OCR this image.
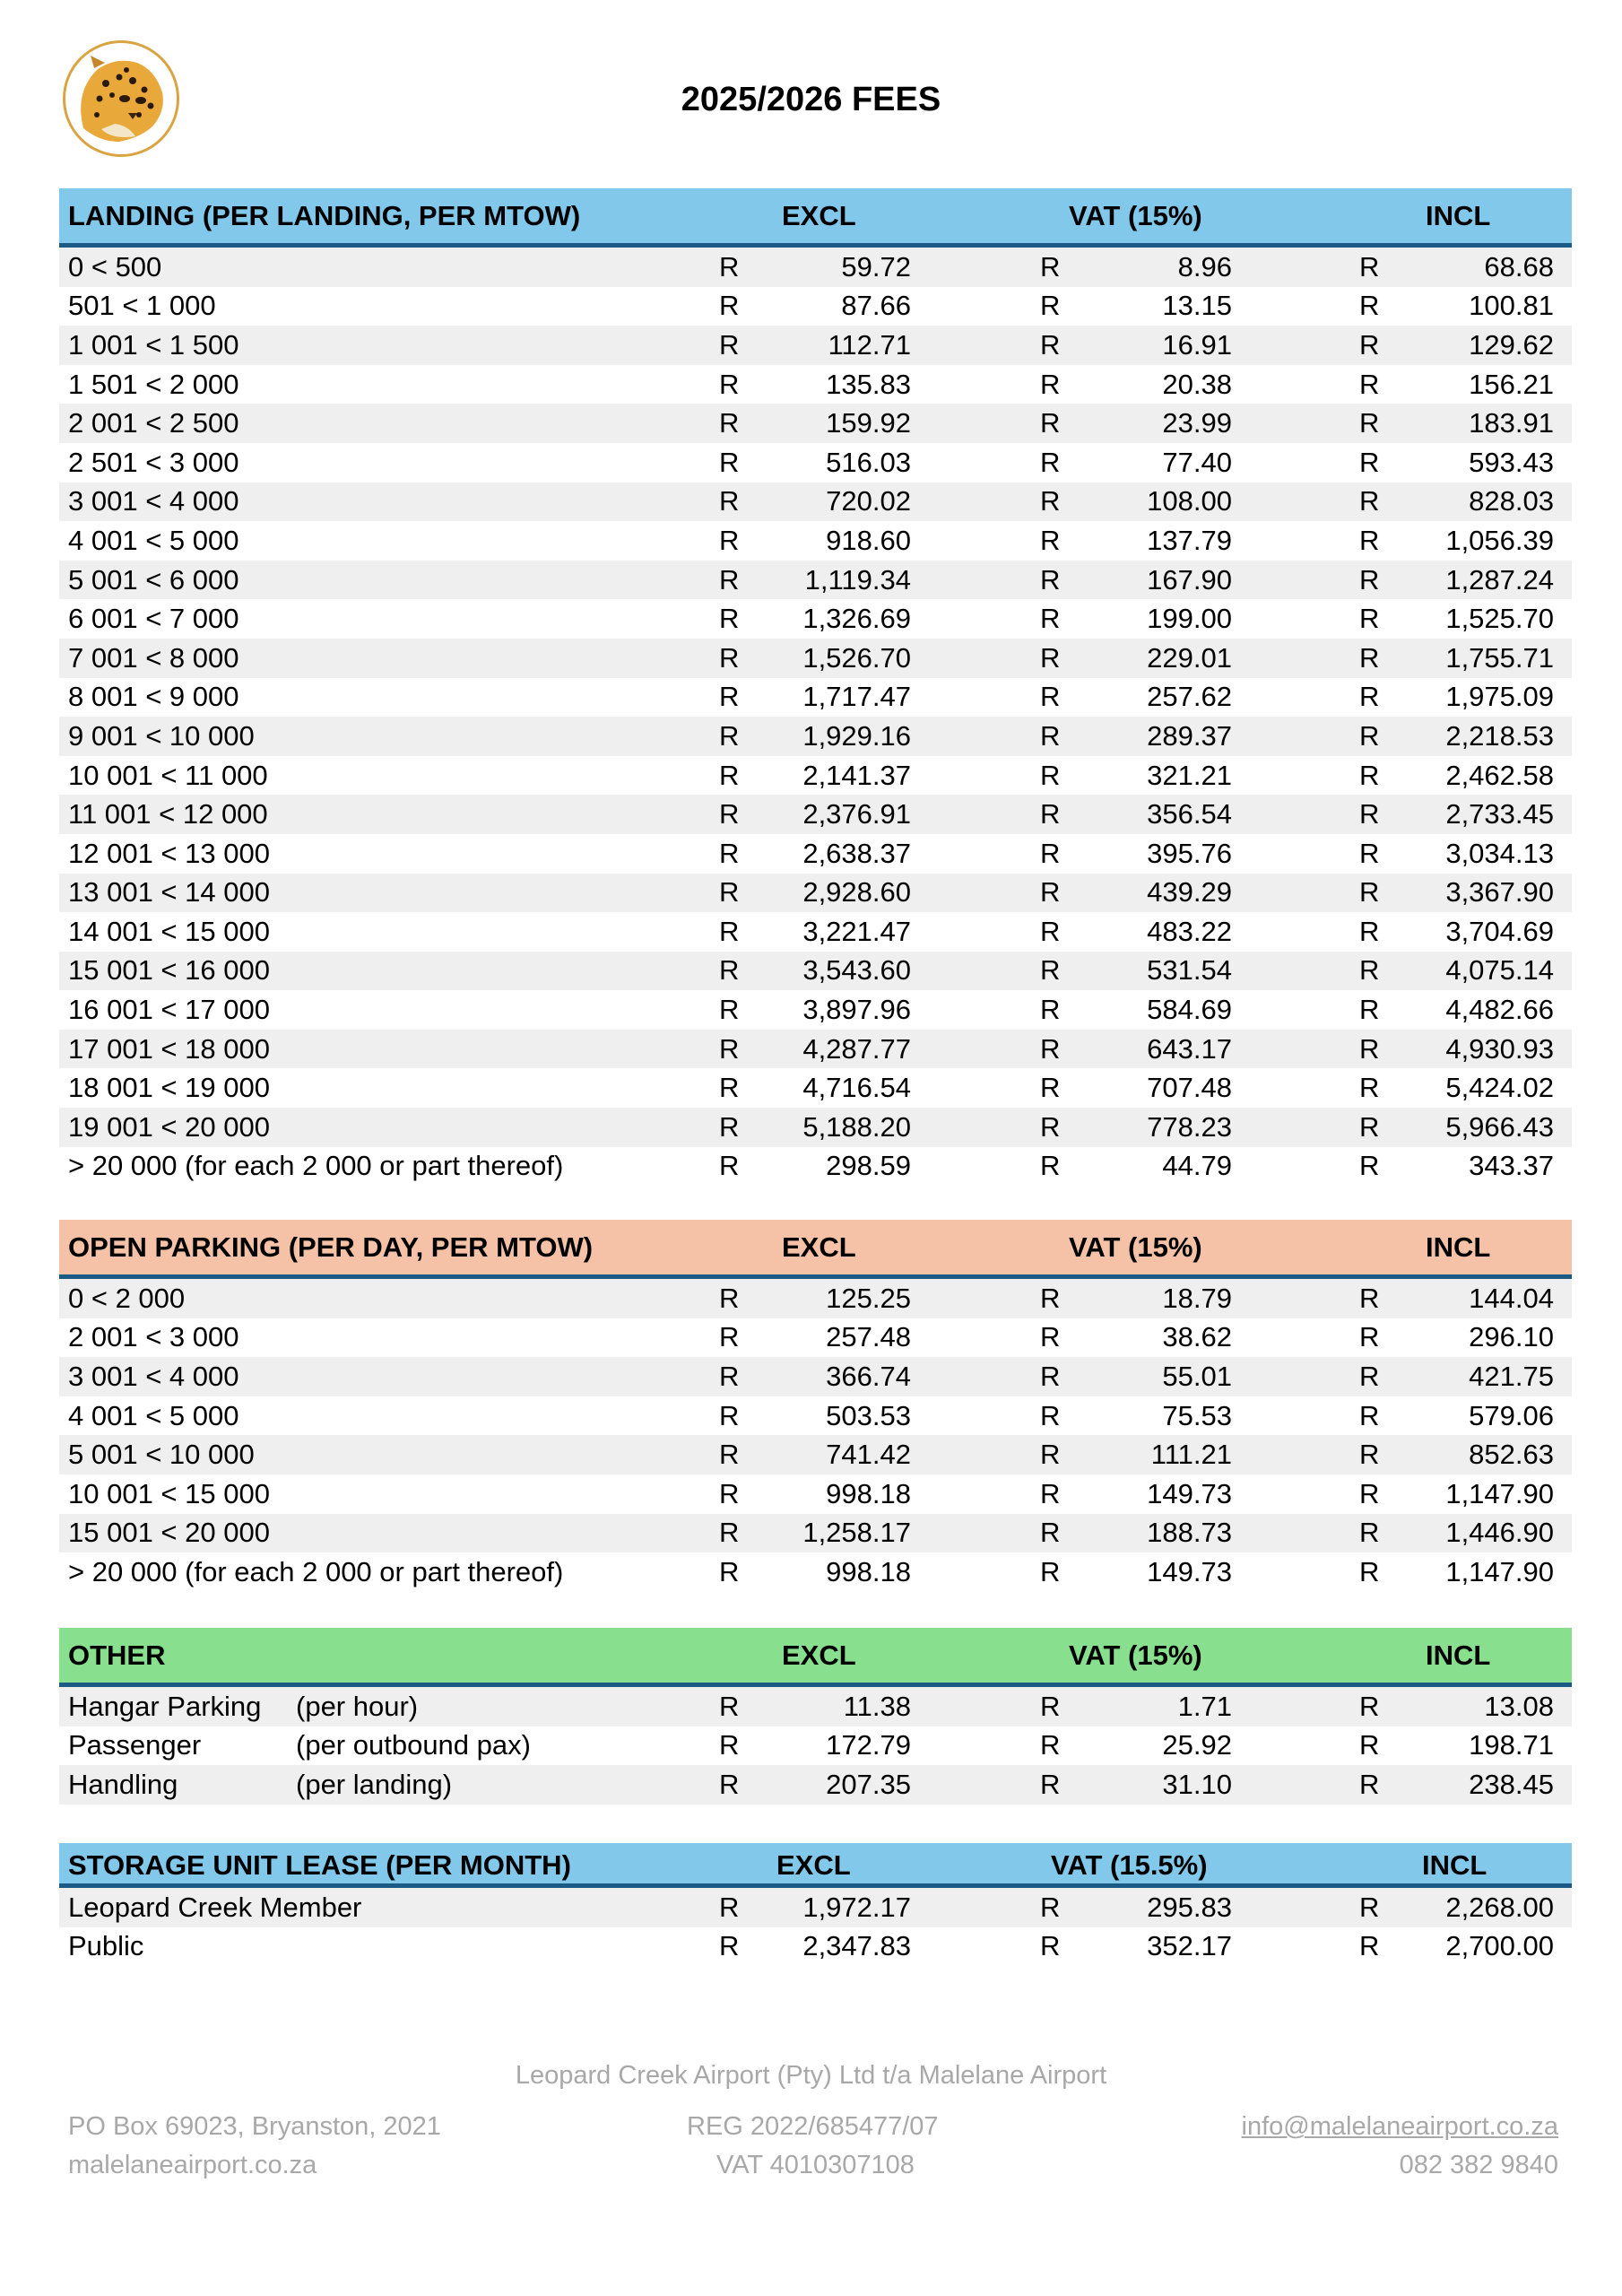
2025/2026 FEES
LANDING (PER LANDING, PER MTOW)	EXCL	VAT (15%)	INCL
0 < 500	R	59.72	R	8.96	R	68.68
501 < 1 000	R	87.66	R	13.15	R	100.81
1 001 < 1 500	R	112.71	R	16.91	R	129.62
1 501 < 2 000	R	135.83	R	20.38	R	156.21
2 001 < 2 500	R	159.92	R	23.99	R	183.91
2 501 < 3 000	R	516.03	R	77.40	R	593.43
3 001 < 4 000	R	720.02	R	108.00	R	828.03
4 001 < 5 000	R	918.60	R	137.79	R 1,056.39
5 001 < 6 000	R 1,119.34	R	167.90	R 1,287.24
6 001 < 7 000	R 1,326.69	R	199.00	R 1,525.70
7 001 < 8 000	R 1,526.70	R	229.01	R 1,755.71
8 001 < 9 000	R 1,717.47	R	257.62	R 1,975.09
9 001 < 10 000	R 1,929.16	R	289.37	R 2,218.53
10 001 < 11 000	R 2,141.37	R	321.21	R 2,462.58
11 001 < 12 000	R 2,376.91	R	356.54	R 2,733.45
12 001 < 13 000	R 2,638.37	R	395.76	R 3,034.13
13 001 < 14 000	R 2,928.60	R	439.29	R 3,367.90
14 001 < 15 000	R 3,221.47	R	483.22	R 3,704.69
15 001 < 16 000	R 3,543.60	R	531.54	R 4,075.14
16 001 < 17 000	R 3,897.96	R	584.69	R 4,482.66
17 001 < 18 000	R 4,287.77	R	643.17	R 4,930.93
18 001 < 19 000	R 4,716.54	R	707.48	R 5,424.02
19 001 < 20 000	R 5,188.20	R	778.23	R 5,966.43
> 20 000 (for each 2 000 or part thereof)	R	298.59	R	44.79	R	343.37
OPEN PARKING (PER DAY, PER MTOW)	EXCL	VAT (15%)	INCL
0 < 2 000	R	125.25	R	18.79	R	144.04
2 001 < 3 000	R	257.48	R	38.62	R	296.10
3 001 < 4 000	R	366.74	R	55.01	R	421.75
4 001 < 5 000	R	503.53	R	75.53	R	579.06
5 001 < 10 000	R	741.42	R	111.21	R	852.63
10 001 < 15 000	R	998.18	R	149.73	R 1,147.90
15 001 < 20 000	R 1,258.17	R	188.73	R 1,446.90
> 20 000 (for each 2 000 or part thereof)	R	998.18	R	149.73	R 1,147.90
OTHER	EXCL	VAT (15%)	INCL
Hangar Parking (per hour)	R	11.38	R	1.71	R	13.08
Passenger	(per outbound pax)	R	172.79	R	25.92	R	198.71
Handling	(per landing)	R	207.35	R	31.10	R	238.45
STORAGE UNIT LEASE (PER MONTH)	EXCL	VAT (15.5%)	INCL
Leopard Creek Member	R 1,972.17	R	295.83	R 2,268.00
Public	R 2,347.83	R	352.17	R 2,700.00
Leopard Creek Airport (Pty) Ltd t/a Malelane Airport
PO Box 69023, Bryanston, 2021
malelaneairport.co.za
REG 2022/685477/07
VAT 4010307108
info@malelaneairport.co.za
082 382 9840
